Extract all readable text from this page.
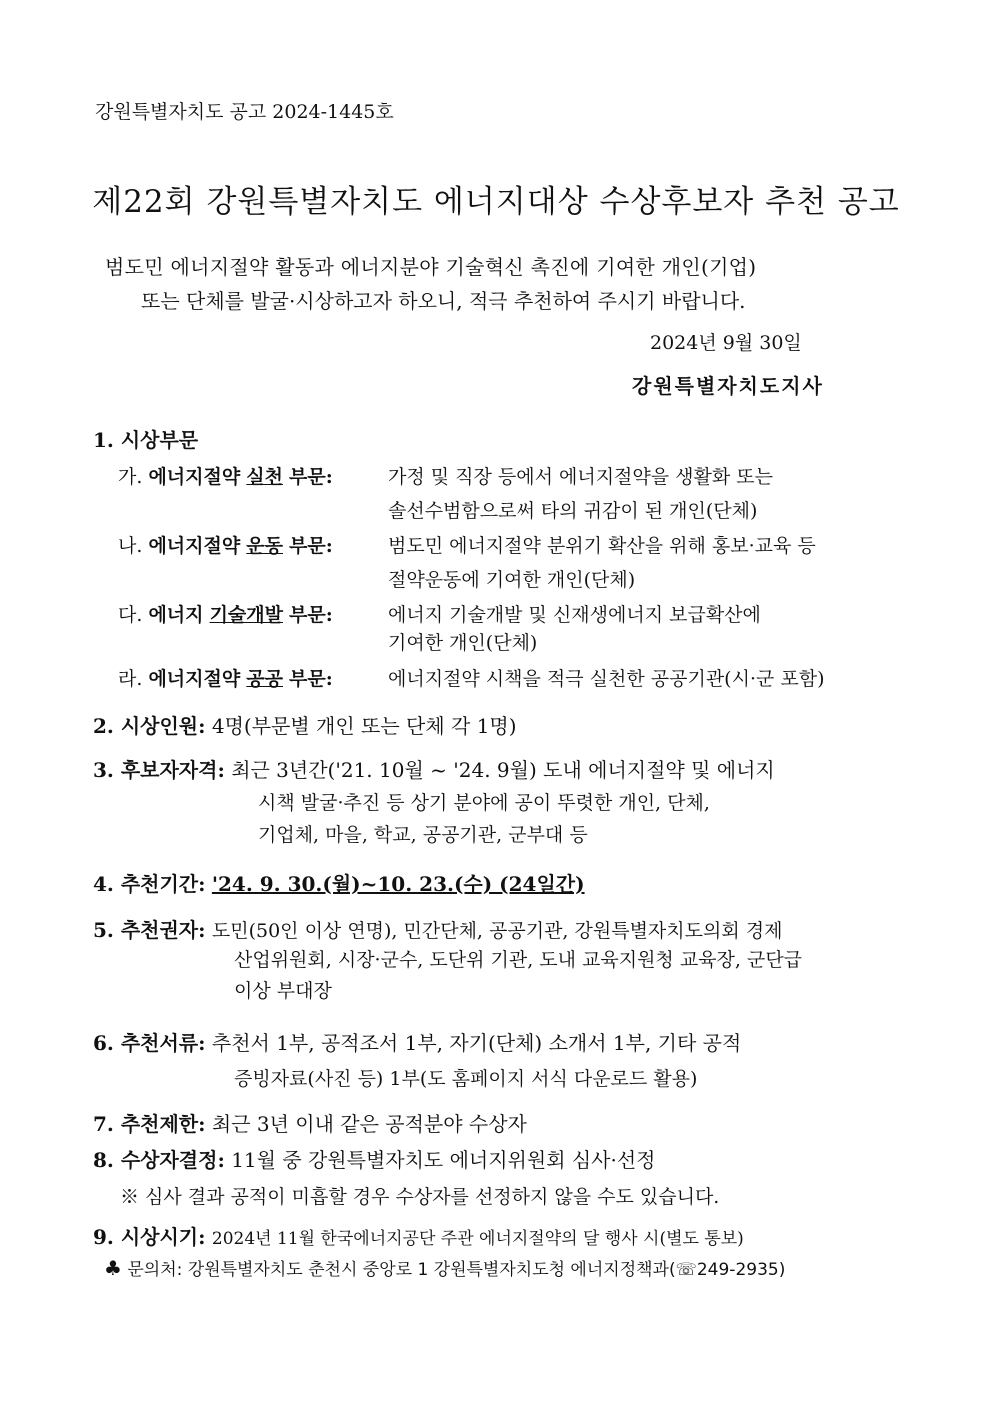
강원특별자치도 공고 2024-1445호
제22회 강원특별자치도 에너지대상 수상후보자 추천 공고
범도민 에너지절약 활동과 에너지분야 기술혁신 촉진에 기여한 개인(기업)
또는 단체를 발굴·시상하고자 하오니, 적극 추천하여 주시기 바랍니다.
2024년 9월 30일
강원특별자치도지사
1. 시상부문
가. 에너지절약 실천 부문:	가정 및 직장 등에서 에너지절약을 생활화 또는
솔선수범함으로써 타의 귀감이 된 개인(단체)
나. 에너지절약 운동 부문:	범도민 에너지절약 분위기 확산을 위해 홍보·교육 등
절약운동에 기여한 개인(단체)
다. 에너지 기술개발 부문:	에너지 기술개발 및 신재생에너지 보급확산에
기여한 개인(단체)
라. 에너지절약 공공 부문:	에너지절약 시책을 적극 실천한 공공기관(시·군 포함)
2. 시상인원: 4명(부문별 개인 또는 단체 각 1명)
3. 후보자자격: 최근 3년간('21. 10월 ~ '24. 9월) 도내 에너지절약 및 에너지
시책 발굴·추진 등 상기 분야에 공이 뚜렷한 개인, 단체,
기업체, 마을, 학교, 공공기관, 군부대 등
4. 추천기간: '24. 9. 30.(월)~10. 23.(수) (24일간)
5. 추천권자: 도민(50인 이상 연명), 민간단체, 공공기관, 강원특별자치도의회 경제
산업위원회, 시장·군수, 도단위 기관, 도내 교육지원청 교육장, 군단급
이상 부대장
6. 추천서류: 추천서 1부, 공적조서 1부, 자기(단체) 소개서 1부, 기타 공적
증빙자료(사진 등) 1부(도 홈페이지 서식 다운로드 활용)
7. 추천제한: 최근 3년 이내 같은 공적분야 수상자
8. 수상자결정: 11월 중 강원특별자치도 에너지위원회 심사·선정
※ 심사 결과 공적이 미흡할 경우 수상자를 선정하지 않을 수도 있습니다.
9. 시상시기: 2024년 11월 한국에너지공단 주관 에너지절약의 달 행사 시(별도 통보)
♣ 문의처: 강원특별자치도 춘천시 중앙로 1 강원특별자치도청 에너지정책과(☏249-2935)
